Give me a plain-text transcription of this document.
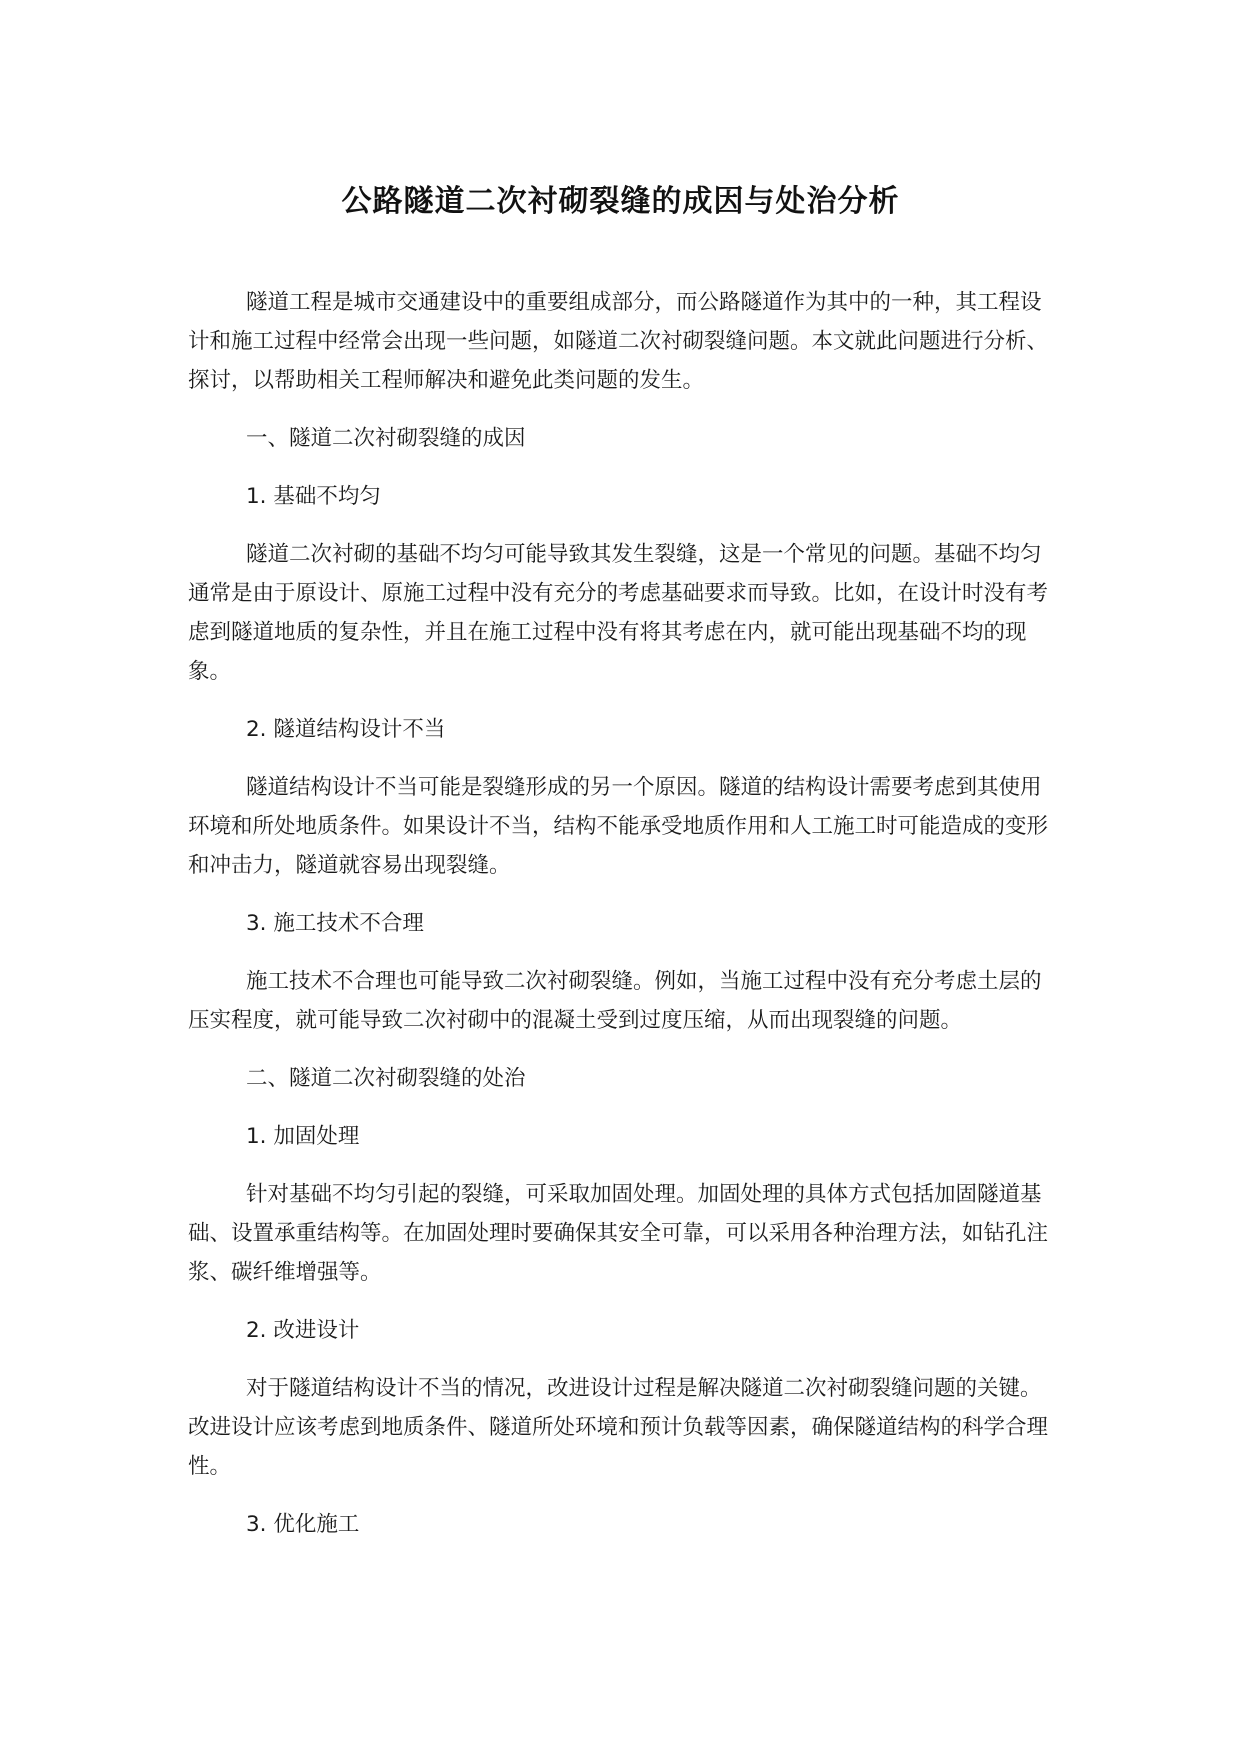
公路隧道二次衬砌裂缝的成因与处治分析

隧道工程是城市交通建设中的重要组成部分，而公路隧道作为其中的一种，其工程设计和施工过程中经常会出现一些问题，如隧道二次衬砌裂缝问题。本文就此问题进行分析、探讨，以帮助相关工程师解决和避免此类问题的发生。

一、隧道二次衬砌裂缝的成因
1. 基础不均匀

隧道二次衬砌的基础不均匀可能导致其发生裂缝，这是一个常见的问题。基础不均匀通常是由于原设计、原施工过程中没有充分的考虑基础要求而导致。比如，在设计时没有考虑到隧道地质的复杂性，并且在施工过程中没有将其考虑在内，就可能出现基础不均的现象。

2. 隧道结构设计不当

隧道结构设计不当可能是裂缝形成的另一个原因。隧道的结构设计需要考虑到其使用环境和所处地质条件。如果设计不当，结构不能承受地质作用和人工施工时可能造成的变形和冲击力，隧道就容易出现裂缝。

3. 施工技术不合理

施工技术不合理也可能导致二次衬砌裂缝。例如，当施工过程中没有充分考虑土层的压实程度，就可能导致二次衬砌中的混凝土受到过度压缩，从而出现裂缝的问题。

二、隧道二次衬砌裂缝的处治
1. 加固处理

针对基础不均匀引起的裂缝，可采取加固处理。加固处理的具体方式包括加固隧道基础、设置承重结构等。在加固处理时要确保其安全可靠，可以采用各种治理方法，如钻孔注浆、碳纤维增强等。

2. 改进设计

对于隧道结构设计不当的情况，改进设计过程是解决隧道二次衬砌裂缝问题的关键。改进设计应该考虑到地质条件、隧道所处环境和预计负载等因素，确保隧道结构的科学合理性。

3. 优化施工
